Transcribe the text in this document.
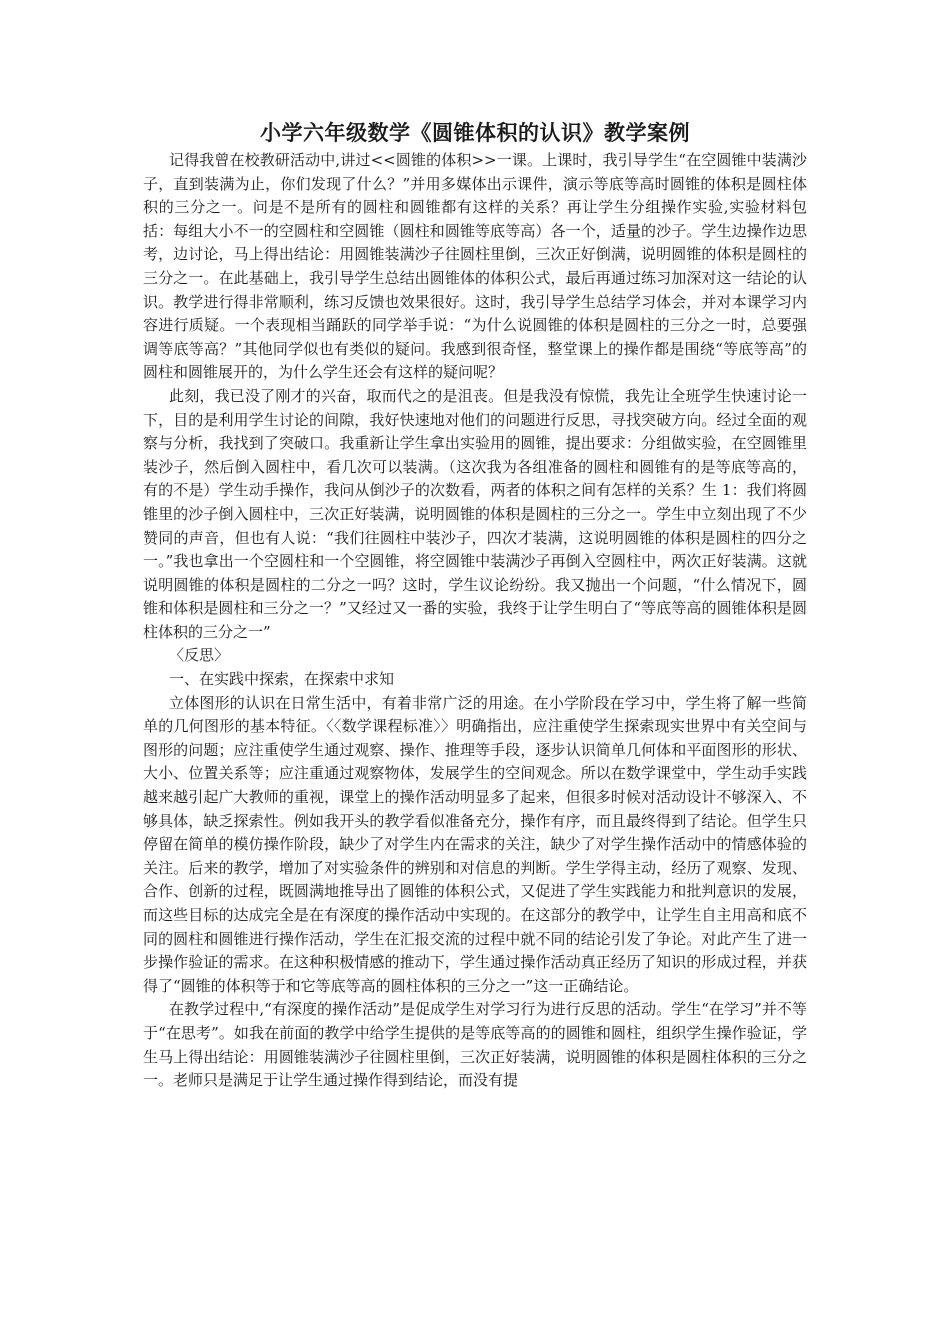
小学六年级数学《圆锥体积的认识》教学案例

记得我曾在校教研活动中,讲过<<圆锥的体积>>一课。上课时，我引导学生“在空圆锥中装满沙子，直到装满为止，你们发现了什么？”并用多媒体出示课件，演示等底等高时圆锥的体积是圆柱体积的三分之一。问是不是所有的圆柱和圆锥都有这样的关系？再让学生分组操作实验,实验材料包括：每组大小不一的空圆柱和空圆锥（圆柱和圆锥等底等高）各一个，适量的沙子。学生边操作边思考，边讨论，马上得出结论：用圆锥装满沙子往圆柱里倒，三次正好倒满，说明圆锥的体积是圆柱的三分之一。在此基础上，我引导学生总结出圆锥体的体积公式，最后再通过练习加深对这一结论的认识。教学进行得非常顺利，练习反馈也效果很好。这时，我引导学生总结学习体会，并对本课学习内容进行质疑。一个表现相当踊跃的同学举手说：“为什么说圆锥的体积是圆柱的三分之一时，总要强调等底等高？”其他同学似也有类似的疑问。我感到很奇怪，整堂课上的操作都是围绕“等底等高”的圆柱和圆锥展开的，为什么学生还会有这样的疑问呢？

此刻，我已没了刚才的兴奋，取而代之的是沮丧。但是我没有惊慌，我先让全班学生快速讨论一下，目的是利用学生讨论的间隙，我好快速地对他们的问题进行反思，寻找突破方向。经过全面的观察与分析，我找到了突破口。我重新让学生拿出实验用的圆锥，提出要求：分组做实验，在空圆锥里装沙子，然后倒入圆柱中，看几次可以装满。（这次我为各组准备的圆柱和圆锥有的是等底等高的，有的不是）学生动手操作，我问从倒沙子的次数看，两者的体积之间有怎样的关系？生 1：我们将圆锥里的沙子倒入圆柱中，三次正好装满，说明圆锥的体积是圆柱的三分之一。学生中立刻出现了不少赞同的声音，但也有人说：“我们往圆柱中装沙子，四次才装满，这说明圆锥的体积是圆柱的四分之一。”我也拿出一个空圆柱和一个空圆锥，将空圆锥中装满沙子再倒入空圆柱中，两次正好装满。这就说明圆锥的体积是圆柱的二分之一吗？这时，学生议论纷纷。我又抛出一个问题，“什么情况下，圆锥和体积是圆柱和三分之一？”又经过又一番的实验，我终于让学生明白了“等底等高的圆锥体积是圆柱体积的三分之一”

〈反思〉

一、在实践中探索，在探索中求知

立体图形的认识在日常生活中，有着非常广泛的用途。在小学阶段在学习中，学生将了解一些简单的几何图形的基本特征。〈〈数学课程标准〉〉明确指出，应注重使学生探索现实世界中有关空间与图形的问题；应注重使学生通过观察、操作、推理等手段，逐步认识简单几何体和平面图形的形状、大小、位置关系等；应注重通过观察物体，发展学生的空间观念。所以在数学课堂中，学生动手实践越来越引起广大教师的重视，课堂上的操作活动明显多了起来，但很多时候对活动设计不够深入、不够具体，缺乏探索性。例如我开头的教学看似准备充分，操作有序，而且最终得到了结论。但学生只停留在简单的模仿操作阶段，缺少了对学生内在需求的关注，缺少了对学生操作活动中的情感体验的关注。后来的教学，增加了对实验条件的辨别和对信息的判断。学生学得主动，经历了观察、发现、合作、创新的过程，既圆满地推导出了圆锥的体积公式，又促进了学生实践能力和批判意识的发展，而这些目标的达成完全是在有深度的操作活动中实现的。在这部分的教学中，让学生自主用高和底不同的圆柱和圆锥进行操作活动，学生在汇报交流的过程中就不同的结论引发了争论。对此产生了进一步操作验证的需求。在这种积极情感的推动下，学生通过操作活动真正经历了知识的形成过程，并获得了“圆锥的体积等于和它等底等高的圆柱体积的三分之一”这一正确结论。

在教学过程中,“有深度的操作活动”是促成学生对学习行为进行反思的活动。学生“在学习”并不等于“在思考”。如我在前面的教学中给学生提供的是等底等高的的圆锥和圆柱，组织学生操作验证，学生马上得出结论：用圆锥装满沙子往圆柱里倒，三次正好装满，说明圆锥的体积是圆柱体积的三分之一。老师只是满足于让学生通过操作得到结论，而没有提
